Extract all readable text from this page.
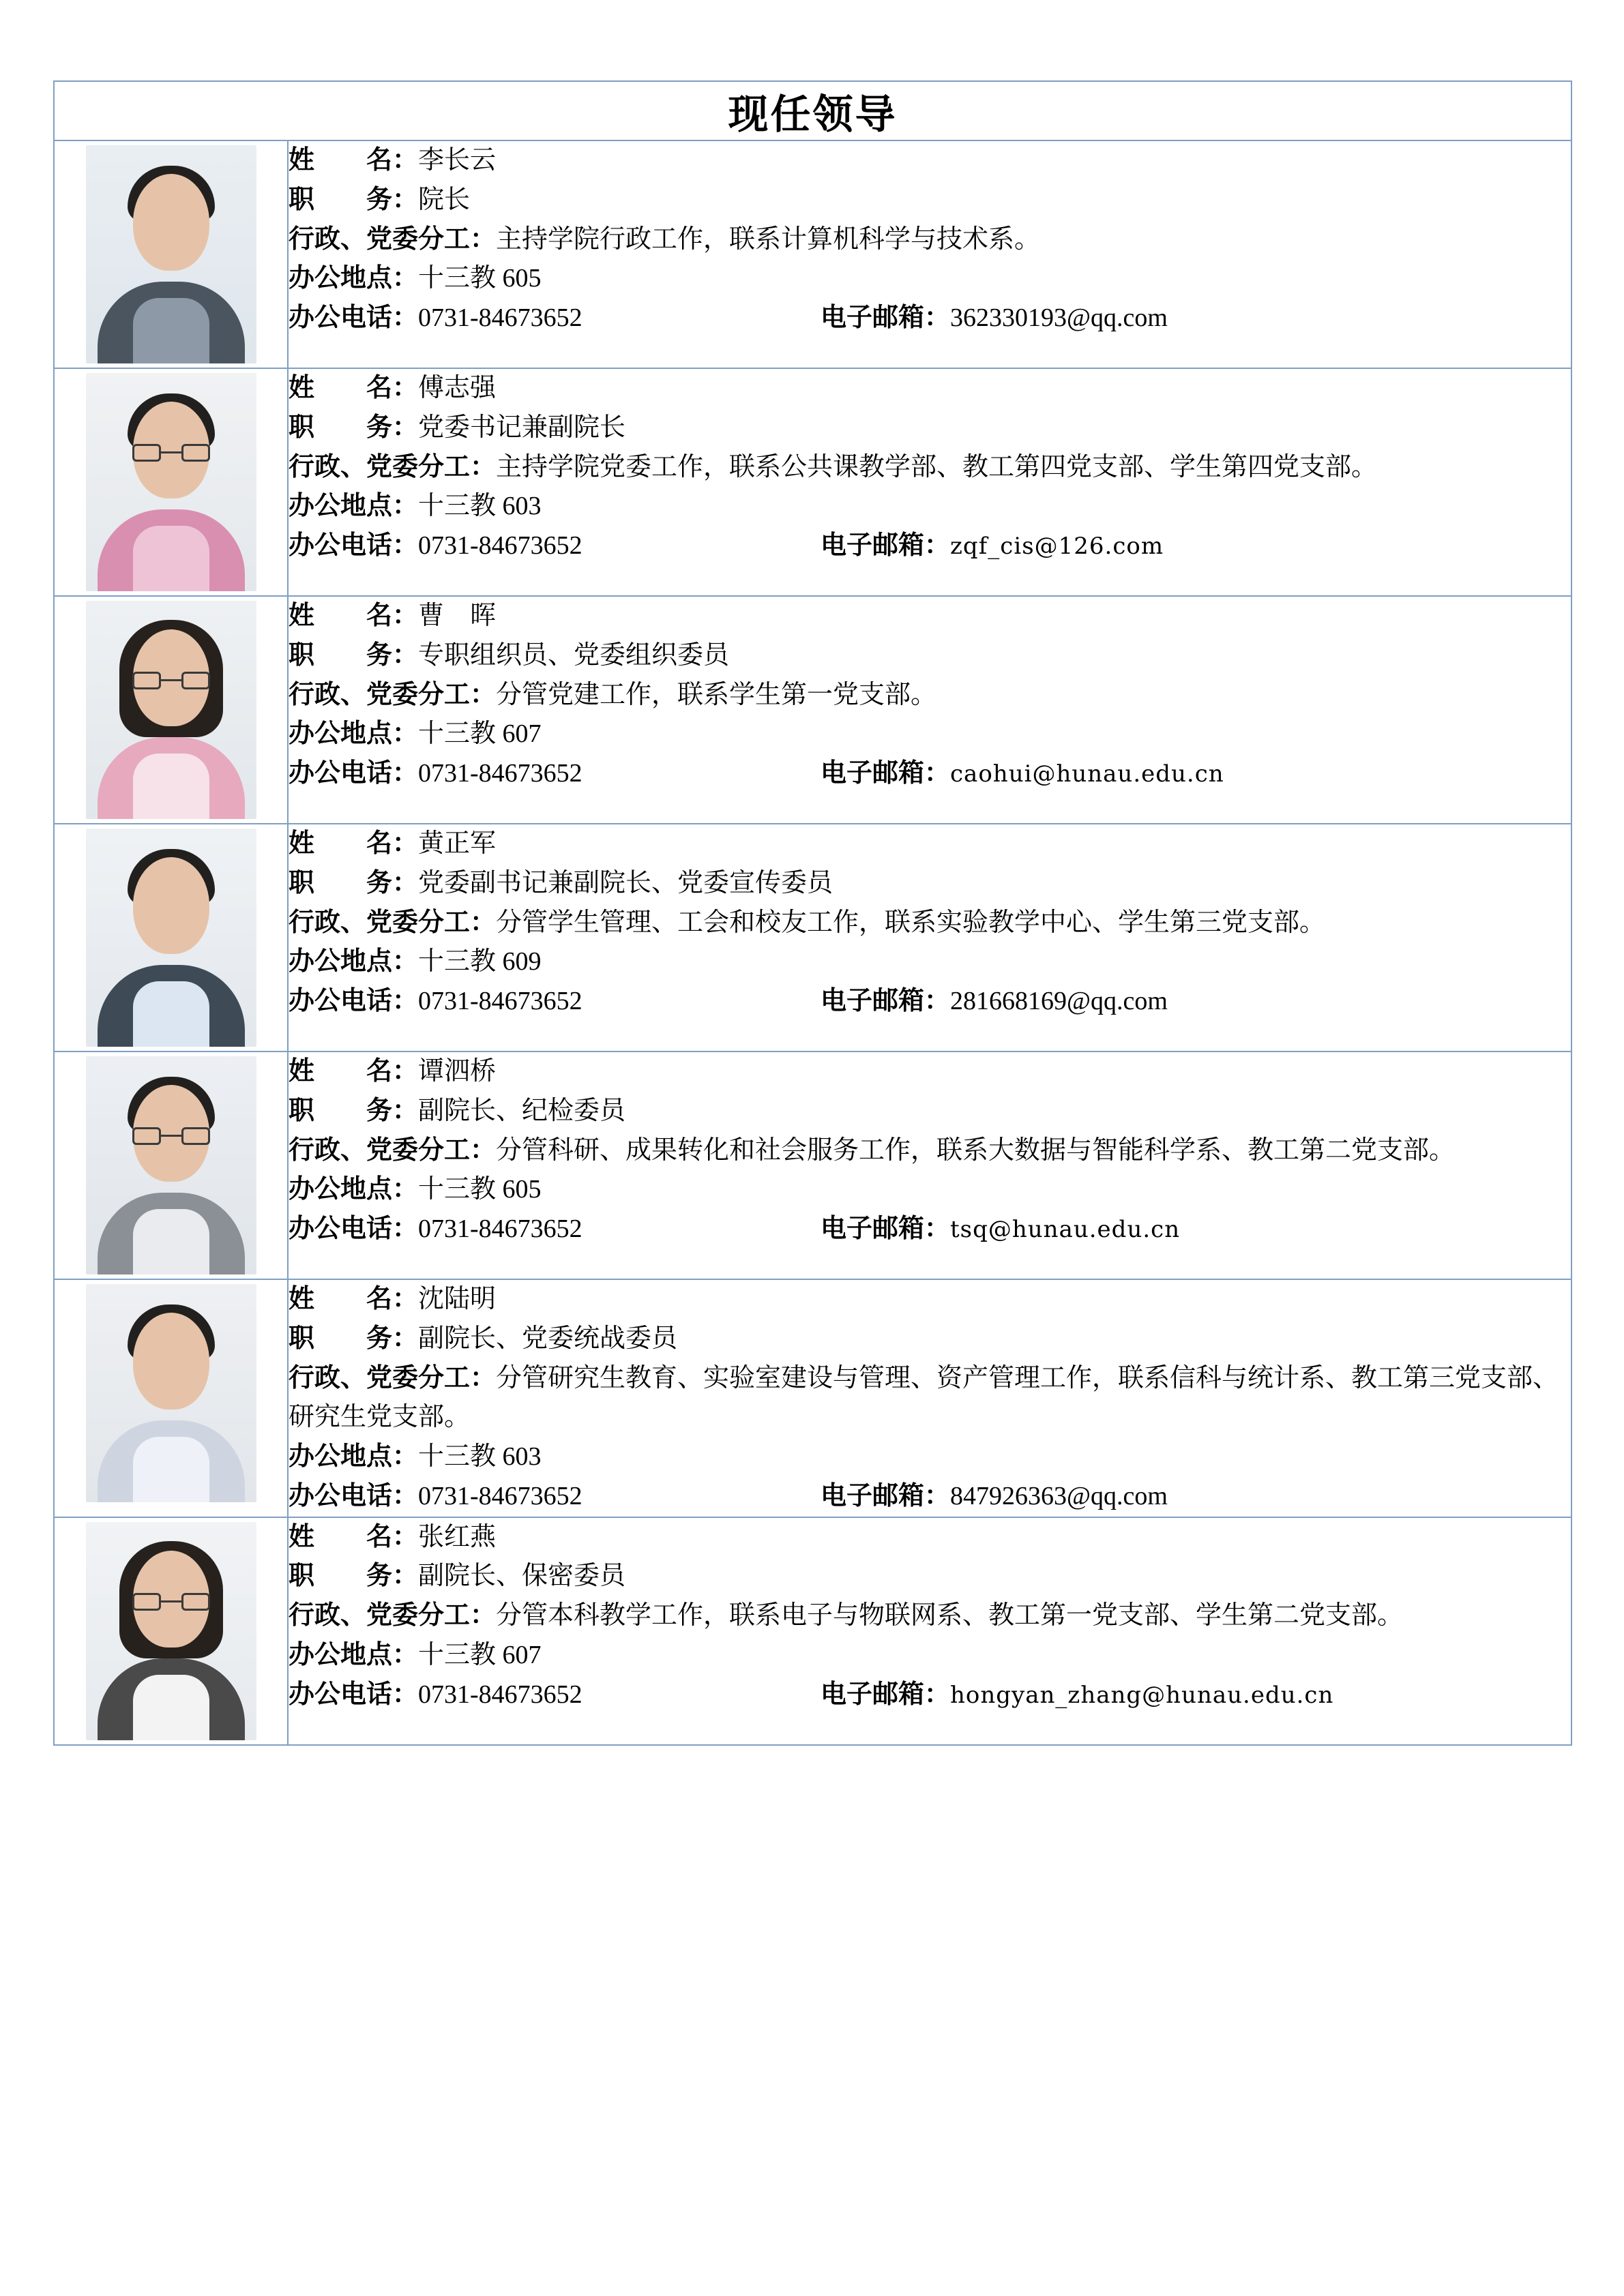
现任领导	

姓　　名：李长云
职　　务：院长
行政、党委分工：主持学院行政工作，联系计算机科学与技术系。
办公地点：十三教 605
办公电话：0731-84673652	电子邮箱：362330193@qq.com

姓　　名：傅志强
职　　务：党委书记兼副院长
行政、党委分工：主持学院党委工作，联系公共课教学部、教工第四党支部、学生第四党支部。
办公地点：十三教 603
办公电话：0731-84673652	电子邮箱：zqf_cis@126.com

姓　　名：曹　晖
职　　务：专职组织员、党委组织委员
行政、党委分工：分管党建工作，联系学生第一党支部。
办公地点：十三教 607
办公电话：0731-84673652	电子邮箱：caohui@hunau.edu.cn

姓　　名：黄正军
职　　务：党委副书记兼副院长、党委宣传委员
行政、党委分工：分管学生管理、工会和校友工作，联系实验教学中心、学生第三党支部。
办公地点：十三教 609
办公电话：0731-84673652	电子邮箱：281668169@qq.com

姓　　名：谭泗桥
职　　务：副院长、纪检委员
行政、党委分工：分管科研、成果转化和社会服务工作，联系大数据与智能科学系、教工第二党支部。
办公地点：十三教 605
办公电话：0731-84673652	电子邮箱：tsq@hunau.edu.cn

姓　　名：沈陆明
职　　务：副院长、党委统战委员
行政、党委分工：分管研究生教育、实验室建设与管理、资产管理工作，联系信科与统计系、教工第三党支部、研究生党支部。
办公地点：十三教 603
办公电话：0731-84673652	电子邮箱：847926363@qq.com

姓　　名：张红燕
职　　务：副院长、保密委员
行政、党委分工：分管本科教学工作，联系电子与物联网系、教工第一党支部、学生第二党支部。
办公地点：十三教 607
办公电话：0731-84673652	电子邮箱：hongyan_zhang@hunau.edu.cn
